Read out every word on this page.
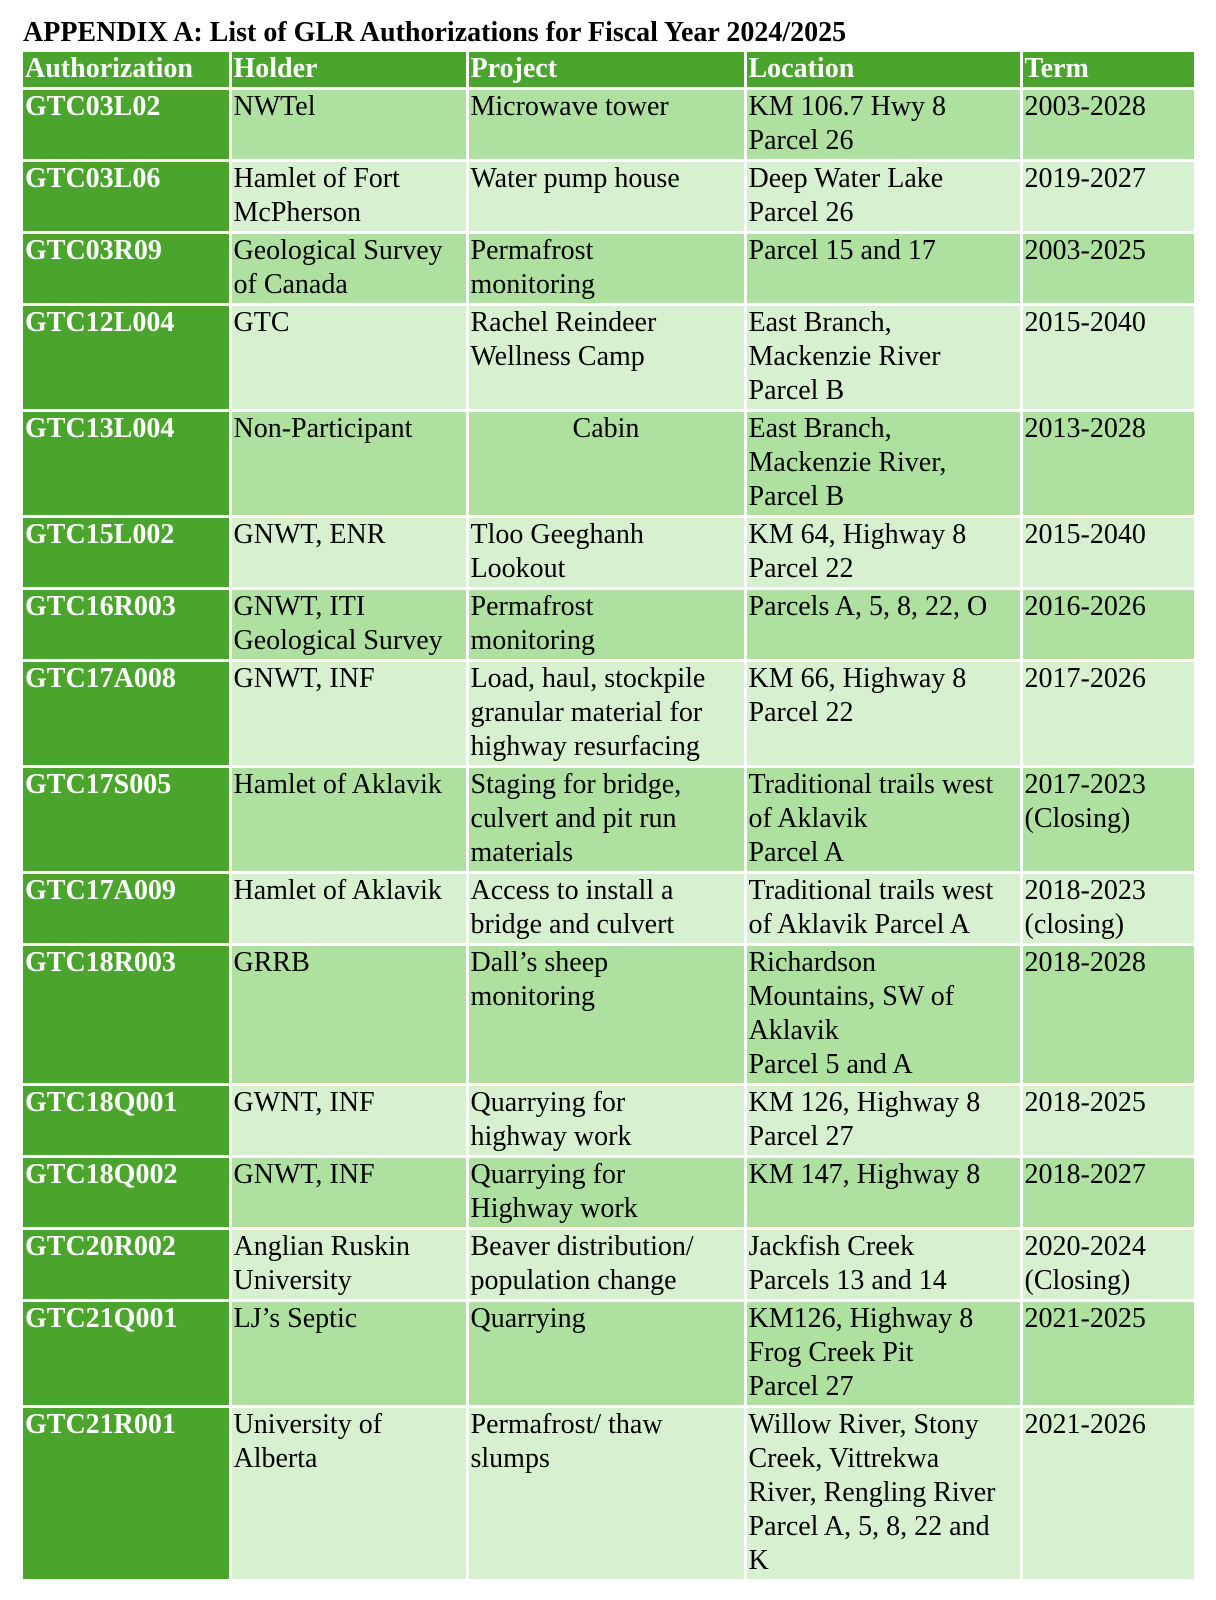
APPENDIX A: List of GLR Authorizations for Fiscal Year 2024/2025
Authorization	Holder	Project	Location	Term
GTC03L02	NWTel	Microwave tower	KM 106.7 Hwy 8
Parcel 26	2003-2028
GTC03L06	Hamlet of Fort
McPherson	Water pump house	Deep Water Lake
Parcel 26	2019-2027
GTC03R09	Geological Survey
of Canada	Permafrost
monitoring	Parcel 15 and 17	2003-2025
GTC12L004	GTC	Rachel Reindeer
Wellness Camp	East Branch,
Mackenzie River
Parcel B	2015-2040
GTC13L004	Non-Participant	Cabin	East Branch,
Mackenzie River,
Parcel B	2013-2028
GTC15L002	GNWT, ENR	Tloo Geeghanh
Lookout	KM 64, Highway 8
Parcel 22	2015-2040
GTC16R003	GNWT, ITI
Geological Survey	Permafrost
monitoring	Parcels A, 5, 8, 22, O	2016-2026
GTC17A008	GNWT, INF	Load, haul, stockpile
granular material for
highway resurfacing	KM 66, Highway 8
Parcel 22	2017-2026
GTC17S005	Hamlet of Aklavik	Staging for bridge,
culvert and pit run
materials	Traditional trails west
of Aklavik
Parcel A	2017-2023
(Closing)
GTC17A009	Hamlet of Aklavik	Access to install a
bridge and culvert	Traditional trails west
of Aklavik Parcel A	2018-2023
(closing)
GTC18R003	GRRB	Dall’s sheep
monitoring	Richardson
Mountains, SW of
Aklavik
Parcel 5 and A	2018-2028
GTC18Q001	GWNT, INF	Quarrying for
highway work	KM 126, Highway 8
Parcel 27	2018-2025
GTC18Q002	GNWT, INF	Quarrying for
Highway work	KM 147, Highway 8	2018-2027
GTC20R002	Anglian Ruskin
University	Beaver distribution/
population change	Jackfish Creek
Parcels 13 and 14	2020-2024
(Closing)
GTC21Q001	LJ’s Septic	Quarrying	KM126, Highway 8
Frog Creek Pit
Parcel 27	2021-2025
GTC21R001	University of
Alberta	Permafrost/ thaw
slumps	Willow River, Stony
Creek, Vittrekwa
River, Rengling River
Parcel A, 5, 8, 22 and
K	2021-2026
